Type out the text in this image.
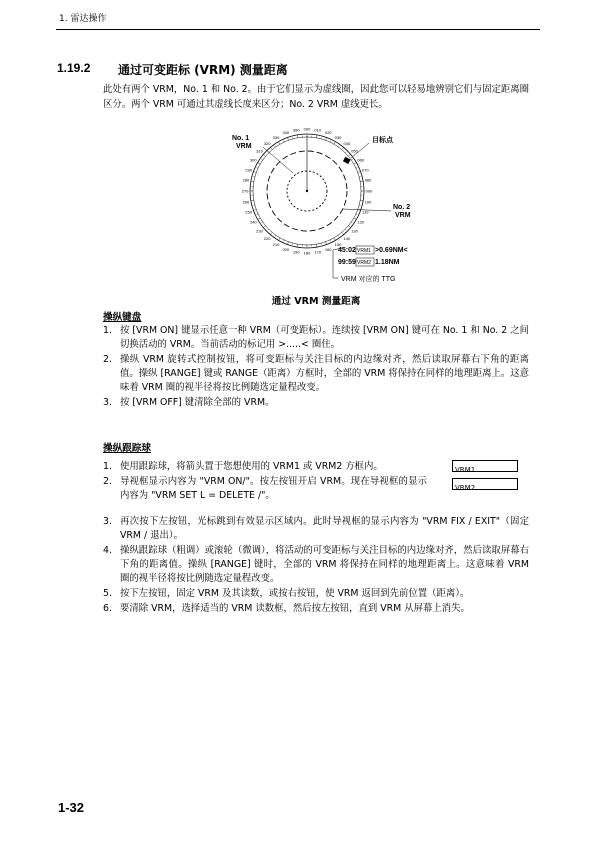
1. 雷达操作
1.19.2 通过可变距标 (VRM) 测量距离
此处有两个 VRM，No. 1 和 No. 2。由于它们显示为虚线圈，因此您可以轻易地辨别它们与固定距离圈区分。两个 VRM 可通过其虚线长度来区分；No. 2 VRM 虚线更长。
000 010
020
030
040
050
060
070
080
090
100
110
120
130
140
150
160
170
180
190
200
210
220
230
240
250
260
270
280
290
300
310
320
330
340
350
No. 1
VRM
目标点
No. 2
VRM
45:02 VRM1 >0.69NM<
99:59 VRM2 1.18NM
VRM 对应的 TTG
通过 VRM 测量距离
操纵键盘
1. 按 [VRM ON] 键显示任意一种 VRM（可变距标）。连续按 [VRM ON] 键可在 No. 1 和 No. 2 之间切换活动的 VRM。当前活动的标记用 >.....< 圈住。
2. 操纵 VRM 旋转式控制按钮，将可变距标与关注目标的内边缘对齐，然后读取屏幕右下角的距离值。操纵 [RANGE] 键或 RANGE（距离）方框时，全部的 VRM 将保持在同样的地理距离上。这意味着 VRM 圈的视半径将按比例随选定量程改变。
3. 按 [VRM OFF] 键清除全部的 VRM。
操纵跟踪球
1. 使用跟踪球，将箭头置于您想使用的 VRM1 或 VRM2 方框内。
2. 导视框显示内容为 "VRM ON/"。按左按钮开启 VRM。现在导视框的显示内容为 "VRM SET L = DELETE /"。
3. 再次按下左按钮，光标跳到有效显示区域内。此时导视框的显示内容为 "VRM FIX / EXIT"（固定 VRM / 退出）。
4. 操纵跟踪球（粗调）或滚轮（微调），将活动的可变距标与关注目标的内边缘对齐，然后读取屏幕右下角的距离值。操纵 [RANGE] 键时，全部的 VRM 将保持在同样的地理距离上。这意味着 VRM 圈的视半径将按比例随选定量程改变。
5. 按下左按钮，固定 VRM 及其读数，或按右按钮，使 VRM 返回到先前位置（距离）。
6. 要清除 VRM，选择适当的 VRM 读数框，然后按左按钮，直到 VRM 从屏幕上消失。
VRM1
VRM2
1-32
